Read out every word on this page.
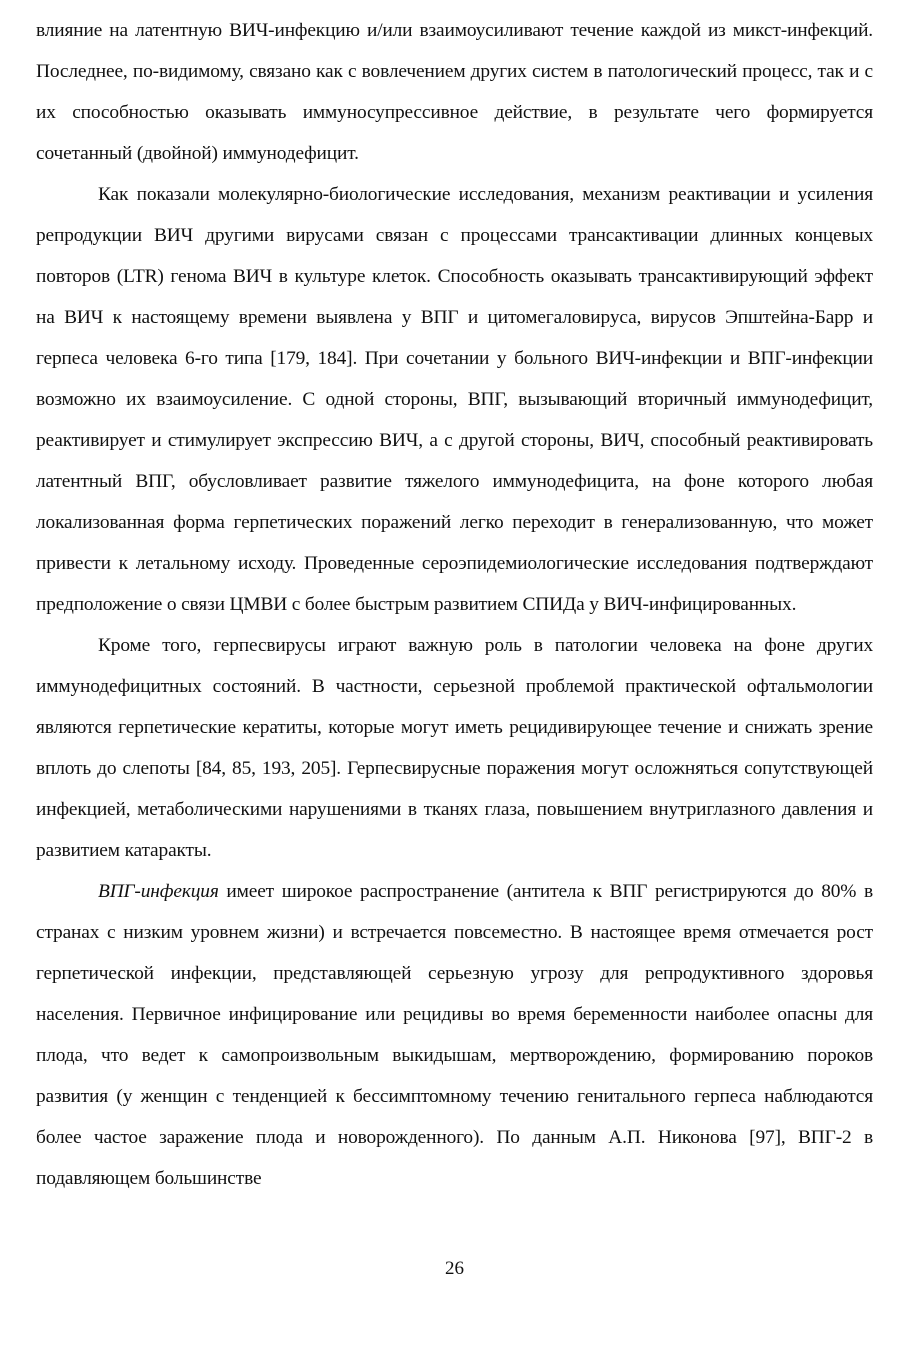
влияние на латентную ВИЧ-инфекцию и/или взаимоусиливают течение каждой из микст-инфекций. Последнее, по-видимому, связано как с вовлечением других систем в патологический процесс, так и с их способностью оказывать иммуносупрессивное действие, в результате чего формируется сочетанный (двойной) иммунодефицит.

Как показали молекулярно-биологические исследования, механизм реактивации и усиления репродукции ВИЧ другими вирусами связан с процессами трансактивации длинных концевых повторов (LTR) генома ВИЧ в культуре клеток. Способность оказывать трансактивирующий эффект на ВИЧ к настоящему времени выявлена у ВПГ и цитомегаловируса, вирусов Эпштейна-Барр и герпеса человека 6-го типа [179, 184]. При сочетании у больного ВИЧ-инфекции и ВПГ-инфекции возможно их взаимоусиление. С одной стороны, ВПГ, вызывающий вторичный иммунодефицит, реактивирует и стимулирует экспрессию ВИЧ, а с другой стороны, ВИЧ, способный реактивировать латентный ВПГ, обусловливает развитие тяжелого иммунодефицита, на фоне которого любая локализованная форма герпетических поражений легко переходит в генерализованную, что может привести к летальному исходу. Проведенные сероэпидемиологические исследования подтверждают предположение о связи ЦМВИ с более быстрым развитием СПИДа у ВИЧ-инфицированных.

Кроме того, герпесвирусы играют важную роль в патологии человека на фоне других иммунодефицитных состояний. В частности, серьезной проблемой практической офтальмологии являются герпетические кератиты, которые могут иметь рецидивирующее течение и снижать зрение вплоть до слепоты [84, 85, 193, 205]. Герпесвирусные поражения могут осложняться сопутствующей инфекцией, метаболическими нарушениями в тканях глаза, повышением внутриглазного давления и развитием катаракты.

ВПГ-инфекция имеет широкое распространение (антитела к ВПГ регистрируются до 80% в странах с низким уровнем жизни) и встречается повсеместно. В настоящее время отмечается рост герпетической инфекции, представляющей серьезную угрозу для репродуктивного здоровья населения. Первичное инфицирование или рецидивы во время беременности наиболее опасны для плода, что ведет к самопроизвольным выкидышам, мертворождению, формированию пороков развития (у женщин с тенденцией к бессимптомному течению генитального герпеса наблюдаются более частое заражение плода и новорожденного). По данным А.П. Никонова [97], ВПГ-2 в подавляющем большинстве

26
